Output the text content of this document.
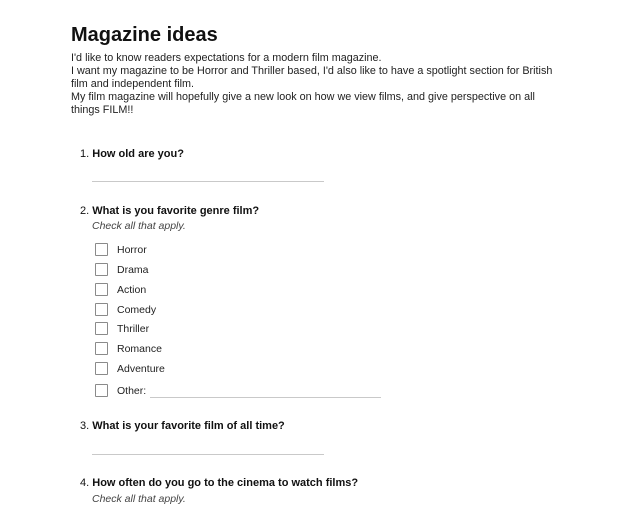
Magazine ideas
I'd like to know readers expectations for a modern film magazine.
I want my magazine to be Horror and Thriller based, I'd also like to have a spotlight section for British film and independent film.
My film magazine will hopefully give a new look on how we view films, and give perspective on all things FILM!!
1. How old are you?
2. What is you favorite genre film?
Check all that apply.
Horror
Drama
Action
Comedy
Thriller
Romance
Adventure
Other:
3. What is your favorite film of all time?
4. How often do you go to the cinema to watch films?
Check all that apply.
